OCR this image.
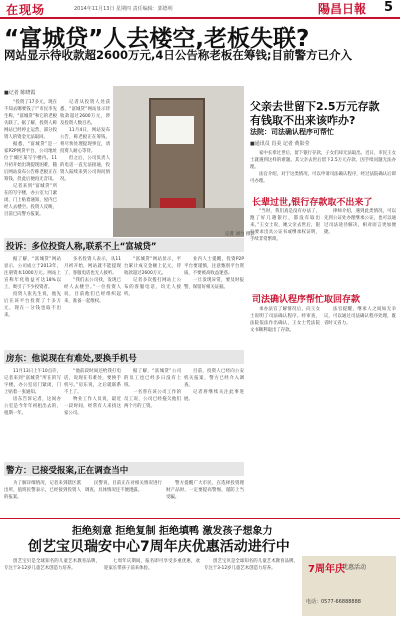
在现场	2014年11月13日 星期四 责任编辑：郭德明	陽昌日報 5
“富城贷”人去楼空,老板失联?
网站显示待收款超2600万元,4日公告称老板在筹钱;目前警方已介入
■记者 陈晓霞

“投资了17多元，现在不知去哪要钱了!”市民李先生称，“富城贷”和它的老板失联了。据了解，投资人称网站已经停止运营，部分投资人的资金无法取回。

据悉，“富城贷”是一家P2P网贷平台，公司地址位于城区某写字楼内。11月初开始出现提现困难，随后网站发布公告称老板正在筹钱，但此后便再无音讯。

记者来到“富城贷”所在的写字楼，办公室大门紧闭，门上贴着通知，屋内已经人去楼空。投资人反映，目前已向警方报案。

记者从投资人处获悉，“富城贷”网站显示待收款超过2600万元，涉及投资人数百名。

11月4日，网站发布公告，称老板正在筹钱，将尽快处理提现事宜，请投资人耐心等待。

但之后，公司负责人的电话一直无法接通，投资人陆续来到公司询问情况。

记者 刘力 摄影
父亲去世留下2.5万元存款
有钱取不出来该咋办?
法院：司法确认程序可帮忙
■通讯员 肖美 记者 黄影莹

家中长辈过世后，留下银行存款，子女们却无法取出。近日，市民王女士就遇到这样的难题。其父亲去世后留下2.5万元存款，因手续问题无法办理。

法官介绍，对于这类情况，可以申请司法确认程序，经过法院确认后即可办理。

长辈过世,银行存款取不出来了

“当时，我们真是没有办法了，跑了好几趟银行，都没有取出来。”王女士说，她父亲去世后，银行要求出具公证书或继承权证明，手续非常繁琐。

律师介绍，遇到此类情况，可以先到公证处办理继承公证，也可以通过司法途径解决，相对而言更加便捷。

司法确认程序帮忙取回存款

承办法官了解情况后，向王女士说明了司法确认程序。经审查，法院依法作出确认，王女士凭法院文书顺利取出了存款。

法官提醒，继承人之间如无争议，可以通过司法确认程序处理，既省时又省力。

投诉：多位投资人称,联系不上“富城贷”

据了解，“富城贷”网站显示，公司成立于2013年，注册资本1000万元。网站上宣称年化收益可达18%以上，吸引了不少投资者。

投资人张先生说，他先后在该平台投资了十多万元，现在一分钱也取不出来。

多名投资人表示，从11月初开始，网站就不能提现了，客服电话也无人接听。

“我们去公司找，发现已经人去楼空。”一位投资人说，目前他们已经组织起来，准备一起维权。

“富城贷”网站显示，平台累计成交金额上亿元，待收款超过2600万元。

记者多次拨打网站上公布的客服电话，均无人接听。

业内人士提醒，投资P2P平台要谨慎，注意甄别平台资质，不要被高收益迷惑。

一旦发现异常，要及时报警，保留好相关证据。

房东：他说现在有难处,要换手机号

11月13日上午10点许，记者来到“富城贷”所在的写字楼。办公室房门紧闭，门上贴着一张通知。

房东告诉记者，这间办公室是今年年初租出去的，租期一年。

“他前段时间还给我打电话，说现在有难处，要换手机号。”房东说，之后就联系不上了。

物业工作人员说，最近一段时间，经常有人来找这家公司。

据了解，“富城贷”公司的员工也已经多日没有上班。

一名曾在该公司工作的员工说，公司已经拖欠他们两个月的工资。

目前，投资人已经向公安机关报案，警方已经介入调查。

记者将继续关注此事进展。

警方：已接受报案,正在调查当中

为了解详细情况，记者来到辖区派出所，值班民警表示，已经接到投资人的报案。

民警说，目前正在对相关情况进行调查，具体情况还不便透露。

警方提醒广大市民，在选择投资理财产品时，一定要提高警惕，谨防上当受骗。

拒绝刻意 拒绝复制 拒绝填鸭 激发孩子想象力
创艺宝贝瑞安中心7周年庆优惠活动进行中

创艺宝贝是全球知名的儿童艺术教育品牌，专注于3-12岁儿童艺术创造力培养。

七周年庆期间，报名即可享受多重优惠，欢迎家长带孩子前来体验。

创艺宝贝是全球知名的儿童艺术教育品牌，专注于3-12岁儿童艺术创造力培养。	7周年庆
优惠活动
电话：0577-66888888
